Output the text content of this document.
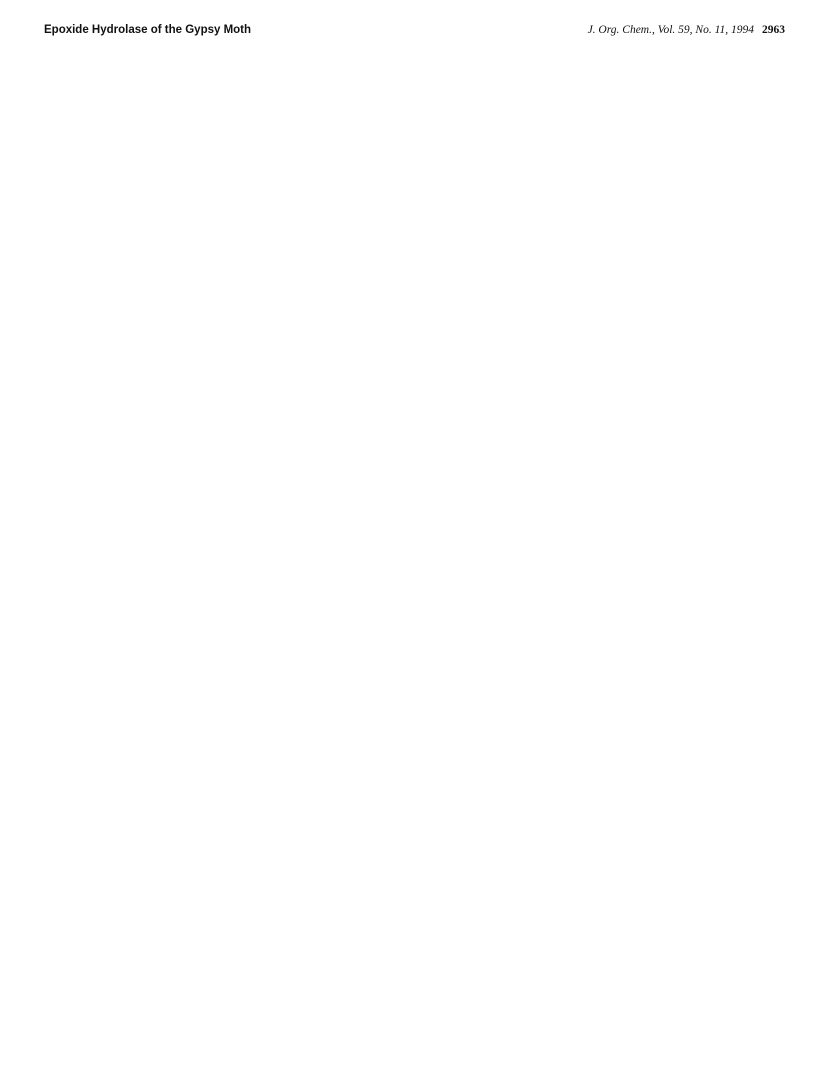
Epoxide Hydrolase of the Gypsy Moth	J. Org. Chem., Vol. 59, No. 11, 1994 2963
